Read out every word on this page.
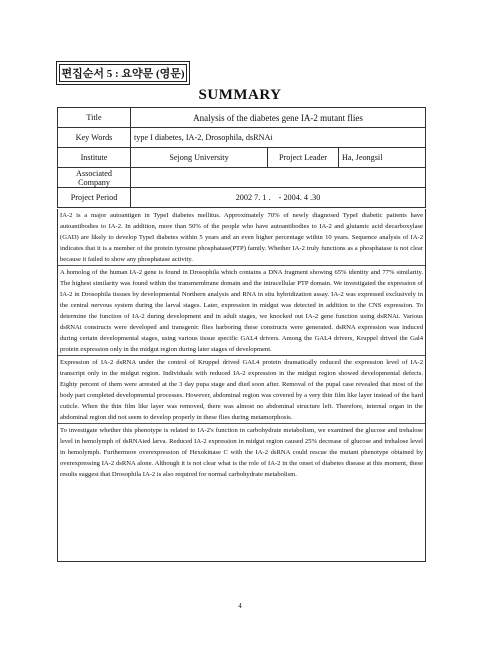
편집순서 5 : 요약문 (영문)
SUMMARY
Title	Analysis of the diabetes gene IA-2 mutant flies		
Key Words	type I diabetes, IA-2, Drosophila, dsRNAi		
Institute	Sejong University	Project Leader	Ha, Jeongsil
Associated Company			
Project Period	2002 7. 1 .    - 2004. 4 .30		

IA-2 is a major autoantigen in TypeI diabetes mellitus. Approximately 70% of newly diagnosed TypeI diabetic patients have autoantibodies to IA-2. In addition, more than 50% of the people who have autoantibodies to IA-2 and glutamic acid decarboxylase (GAD) are likely to develop TypeI diabetes within 5 years and an even higher percentage within 10 years. Sequence analysis of IA-2 indicates that it is a member of the protein tyrosine phosphatase(PTP) family. Whether IA-2 truly functions as a phosphatase is not clear because it failed to show any phosphatase activity.

A homolog of the human IA-2 gene is found in Drosophila which contains a DNA fragment showing 65% identity and 77% similarity. The highest similarity was found within the transmembrane domain and the intracellular PTP domain. We investigated the expression of IA-2 in Drosophila tissues by developmental Northern analysis and RNA in situ hybridization assay. IA-2 was expressed exclusively in the central nervous system during the larval stages. Later, expression in midgut was detected in addition to the CNS expression. To determine the function of IA-2 during development and in adult stages, we knocked out IA-2 gene function using dsRNAi. Various dsRNAi constructs were developed and transgenic flies harboring these constructs were generated. dsRNA expression was induced during certain developmental stages, using various tissue specific GAL4 drivers. Among the GAL4 drivers, Kruppel drived the Gal4 protein expression only in the midgut region during later stages of development.

Expression of IA-2 dsRNA under the control of Kruppel drived GAL4 protein dramatically reduced the expression level of IA-2 transcript only in the midgut region. Individuals with reduced IA-2 expression in the midgut region showed developmental defects. Eighty percent of them were arrested at the 3 day pupa stage and died soon after. Removal of the pupal case revealed that most of the body part completed developmental processes. However, abdominal region was covered by a very thin film like layer instead of the hard cuticle. When the thin film like layer was removed, there was almost no abdominal structure left. Therefore, internal organ in the abdominal region did not seem to develop properly in these flies during metamorphosis.

To investigate whether this phenotype is related to IA-2's function in carbohydrate metabolism, we examined the glucose and trehalose level in hemolymph of dsRNAied larva. Reduced IA-2 expression in midgut region caused 25% decrease of glucose and trehalose level in hemolymph. Furthermore overexpression of Hexokinase C with the IA-2 dsRNA could rescue the mutant phenotype obtained by overexpressing IA-2 dsRNA alone. Although it is not clear what is the role of IA-2 in the onset of diabetes disease at this moment, these results suggest that Drosophila IA-2 is also required for normal carbohydrate metabolism.

4
